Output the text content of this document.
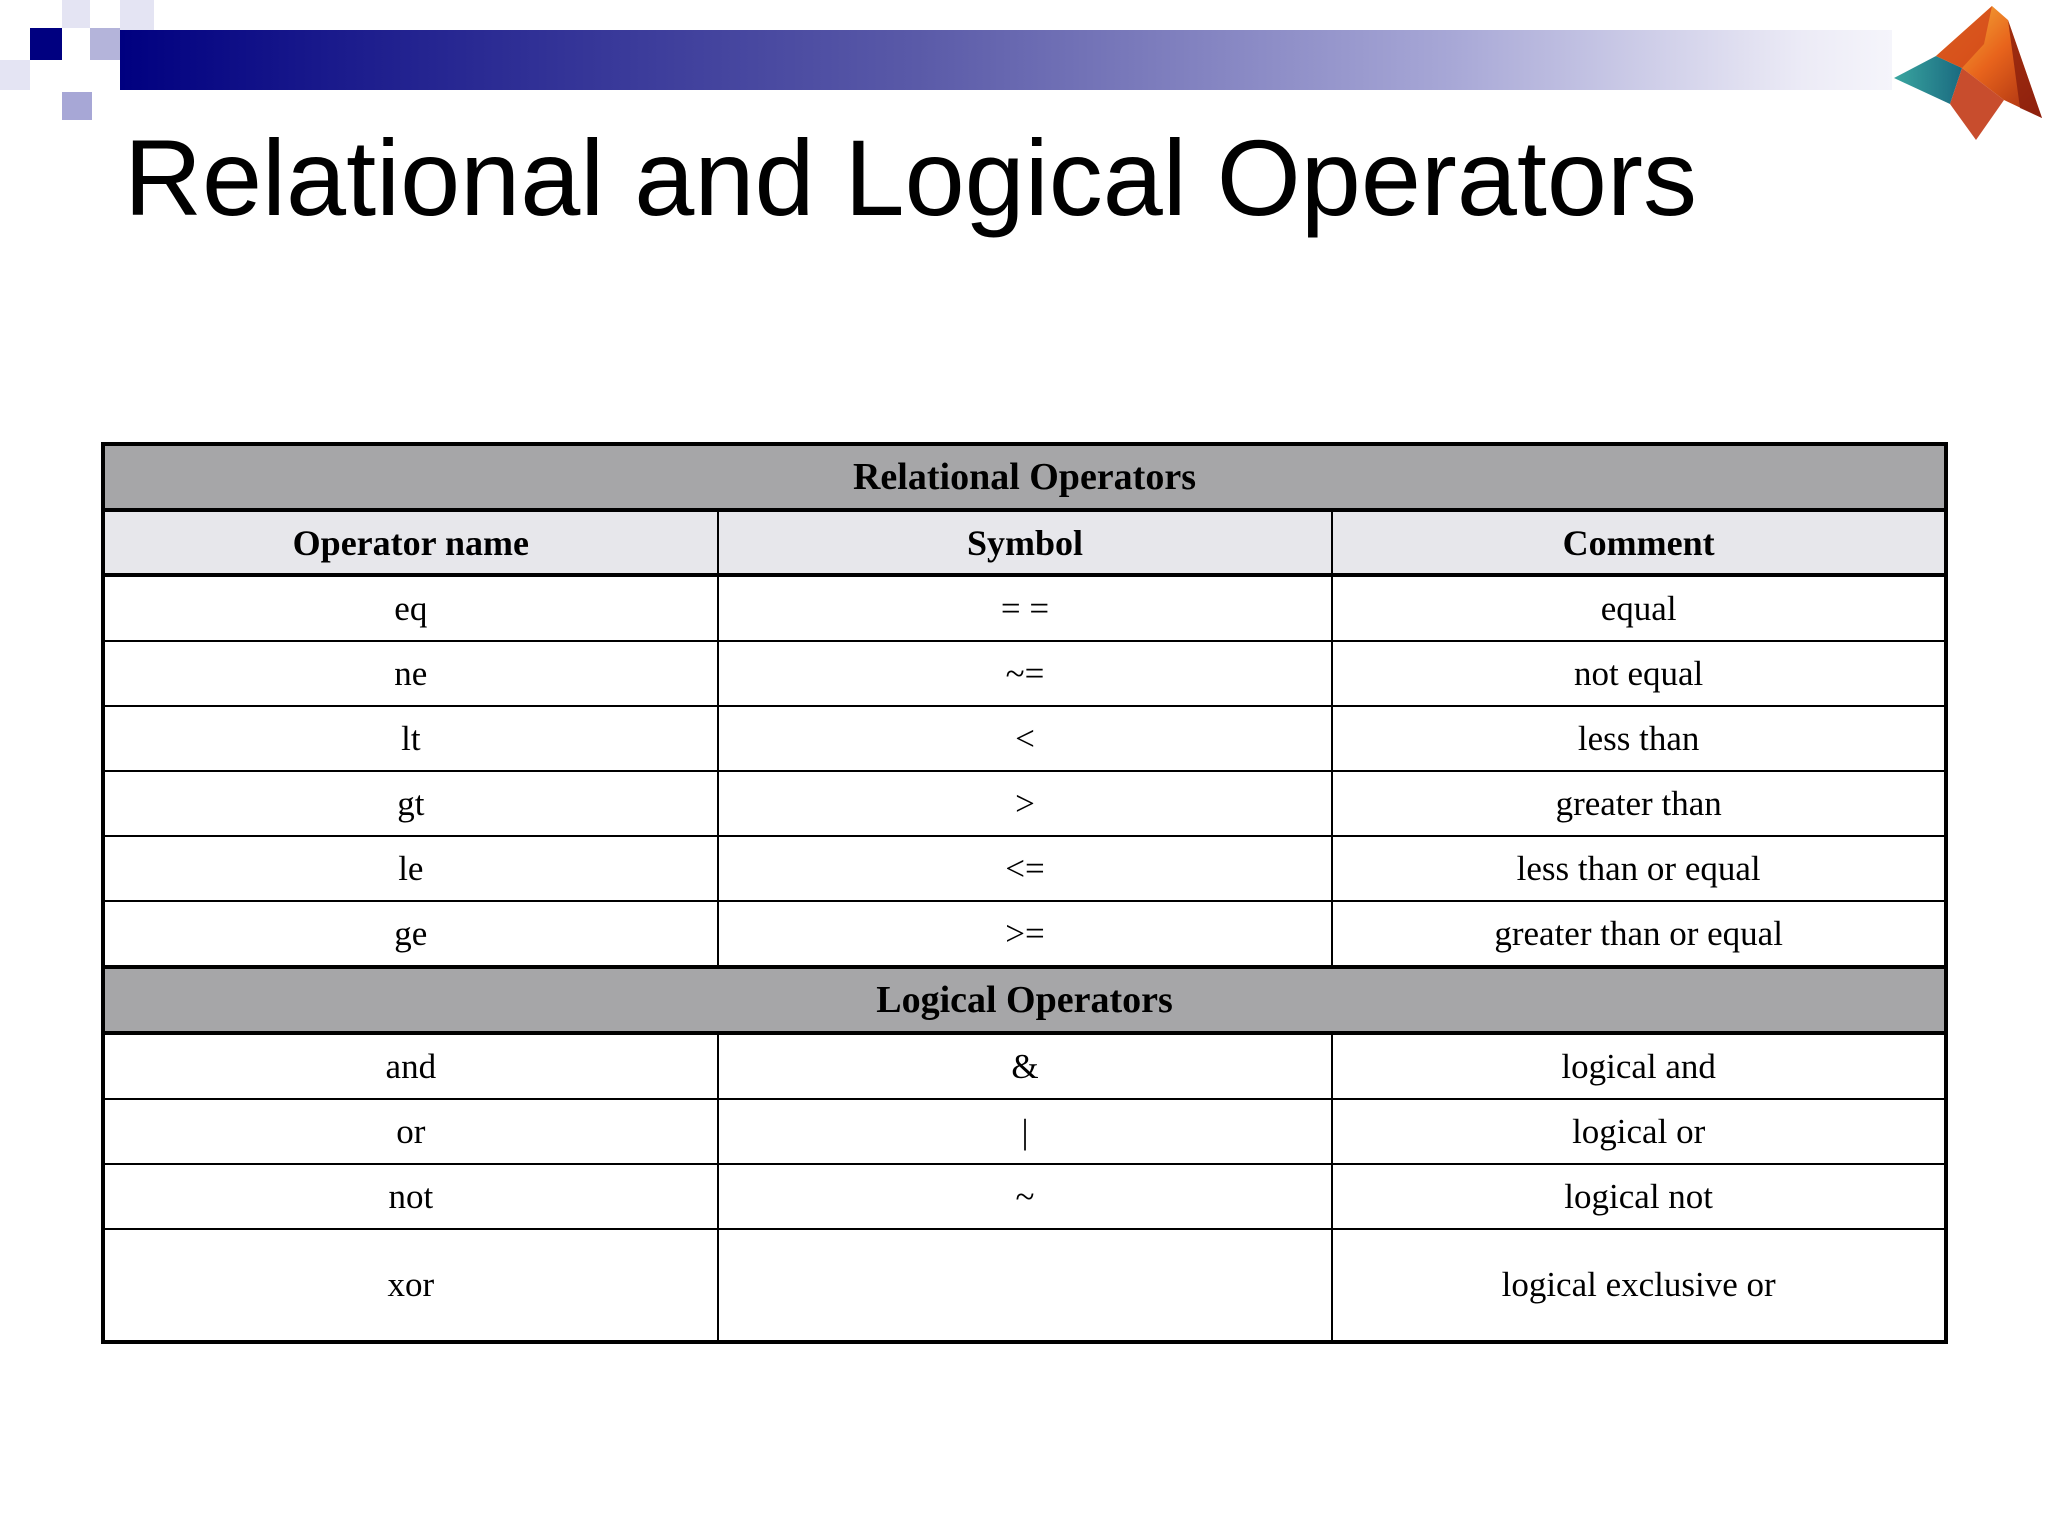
Relational and Logical Operators
Relational Operators		
Operator name	Symbol	Comment
eq	= =	equal
ne	~=	not equal
lt	<	less than
gt	>	greater than
le	<=	less than or equal
ge	>=	greater than or equal
Logical Operators		
and	&	logical and
or	|	logical or
not	~	logical not
xor		logical exclusive or
